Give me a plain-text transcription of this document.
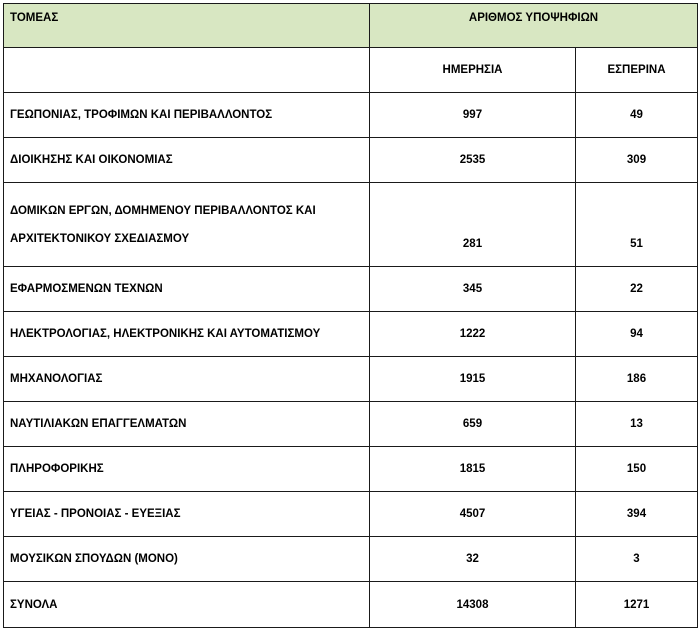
ΤΟΜΕΑΣ	ΑΡΙΘΜΟΣ ΥΠΟΨΗΦΙΩΝ	

	ΗΜΕΡΗΣΙΑ	ΕΣΠΕΡΙΝΑ
ΓΕΩΠΟΝΙΑΣ, ΤΡΟΦΙΜΩΝ ΚΑΙ ΠΕΡΙΒΑΛΛΟΝΤΟΣ	997	49
ΔΙΟΙΚΗΣΗΣ ΚΑΙ ΟΙΚΟΝΟΜΙΑΣ	2535	309
ΔΟΜΙΚΩΝ ΕΡΓΩΝ, ΔΟΜΗΜΕΝΟΥ ΠΕΡΙΒΑΛΛΟΝΤΟΣ ΚΑΙ
ΑΡΧΙΤΕΚΤΟΝΙΚΟΥ ΣΧΕΔΙΑΣΜΟΥ	281	51
ΕΦΑΡΜΟΣΜΕΝΩΝ ΤΕΧΝΩΝ	345	22
ΗΛΕΚΤΡΟΛΟΓΙΑΣ, ΗΛΕΚΤΡΟΝΙΚΗΣ ΚΑΙ ΑΥΤΟΜΑΤΙΣΜΟΥ	1222	94
ΜΗΧΑΝΟΛΟΓΙΑΣ	1915	186
ΝΑΥΤΙΛΙΑΚΩΝ ΕΠΑΓΓΕΛΜΑΤΩΝ	659	13
ΠΛΗΡΟΦΟΡΙΚΗΣ	1815	150
ΥΓΕΙΑΣ - ΠΡΟΝΟΙΑΣ - ΕΥΕΞΙΑΣ	4507	394
ΜΟΥΣΙΚΩΝ ΣΠΟΥΔΩΝ (ΜΟΝΟ)	32	3
ΣΥΝΟΛΑ	14308	1271
